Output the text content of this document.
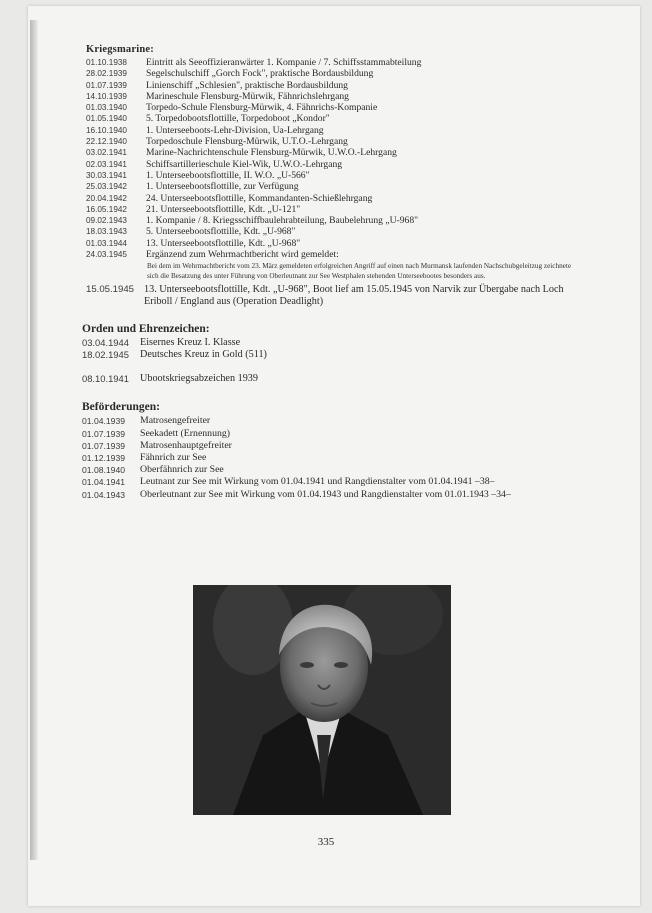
Kriegsmarine:
01.10.1938	Eintritt als Seeoffizieranwärter 1. Kompanie / 7. Schiffsstammabteilung
28.02.1939	Segelschulschiff „Gorch Fock", praktische Bordausbildung
01.07.1939	Linienschiff „Schlesien", praktische Bordausbildung
14.10.1939	Marineschule Flensburg-Mürwik, Fähnrichslehrgang
01.03.1940	Torpedo-Schule Flensburg-Mürwik, 4. Fähnrichs-Kompanie
01.05.1940	5. Torpedobootsflottille, Torpedoboot „Kondor"
16.10.1940	1. Unterseeboots-Lehr-Division, Ua-Lehrgang
22.12.1940	Torpedoschule Flensburg-Mürwik, U.T.O.-Lehrgang
03.02.1941	Marine-Nachrichtenschule Flensburg-Mürwik, U.W.O.-Lehrgang
02.03.1941	Schiffsartillerieschule Kiel-Wik, U.W.O.-Lehrgang
30.03.1941	1. Unterseebootsflottille, II. W.O. „U-566"
25.03.1942	1. Unterseebootsflottille, zur Verfügung
20.04.1942	24. Unterseebootsflottille, Kommandanten-Schießlehrgang
16.05.1942	21. Unterseebootsflottille, Kdt. „U-121"
09.02.1943	1. Kompanie / 8. Kriegsschiffbaulehrabteilung, Baubelehrung „U-968"
18.03.1943	5. Unterseebootsflottille, Kdt. „U-968"
01.03.1944	13. Unterseebootsflottille, Kdt. „U-968"
24.03.1945	Ergänzend zum Wehrmachtbericht wird gemeldet:
Bei dem im Wehrmachtbericht vom 23. März gemeldeten erfolgreichen Angriff auf einen nach Murmansk laufenden Nachschubgeleitzug zeichnete sich die Besatzung des unter Führung von Oberleutnant zur See Westphalen stehenden Unterseebootes besonders aus.
15.05.1945 13. Unterseebootsflottille, Kdt. „U-968", Boot lief am 15.05.1945 von Narvik zur Übergabe nach Loch Eriboll / England aus (Operation Deadlight)
Orden und Ehrenzeichen:
03.04.1944	Eisernes Kreuz I. Klasse
18.02.1945	Deutsches Kreuz in Gold (511)
08.10.1941	Ubootskriegsabzeichen 1939
Beförderungen:
01.04.1939	Matrosengefreiter
01.07.1939	Seekadett (Ernennung)
01.07.1939	Matrosenhauptgefreiter
01.12.1939	Fähnrich zur See
01.08.1940	Oberfähnrich zur See
01.04.1941	Leutnant zur See mit Wirkung vom 01.04.1941 und Rangdienstalter vom 01.04.1941 –38–
01.04.1943	Oberleutnant zur See mit Wirkung vom 01.04.1943 und Rangdienstalter vom 01.01.1943 –34–
335
